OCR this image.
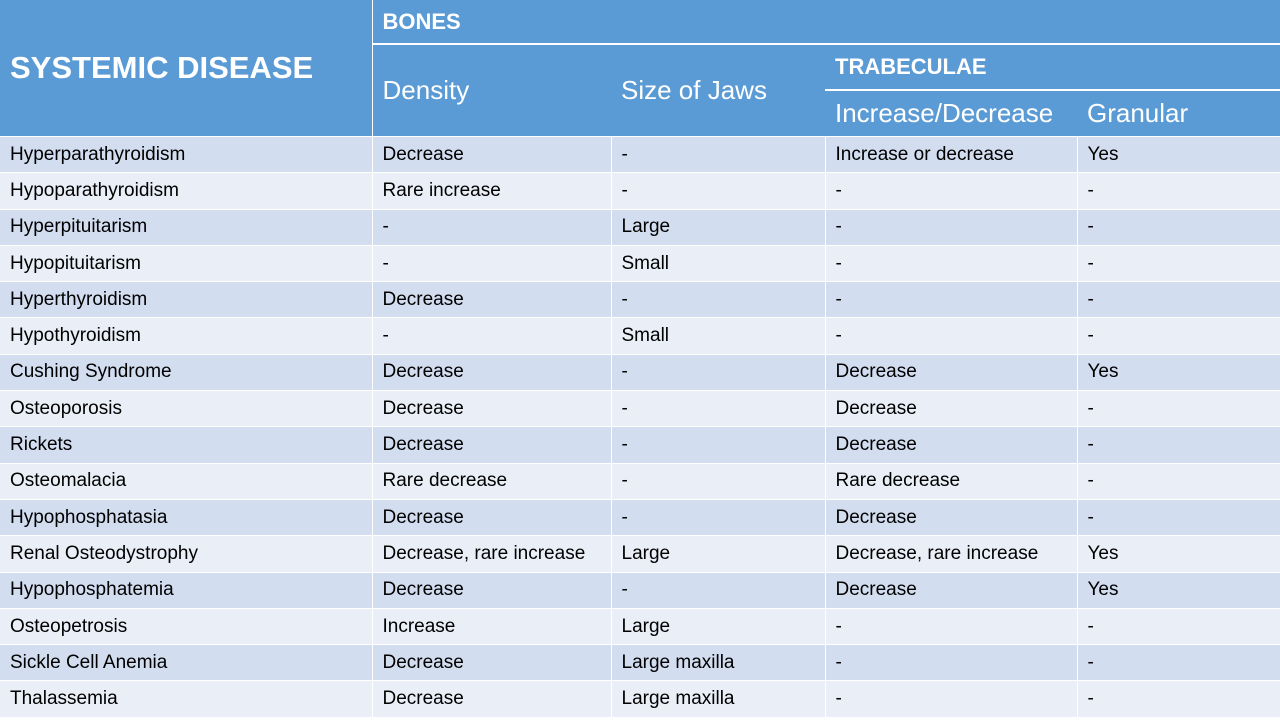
SYSTEMIC DISEASE	BONES			
	Density	Size of Jaws	TRABECULAE	
			Increase/Decrease	Granular
Hyperparathyroidism	Decrease	-	Increase or decrease	Yes
Hypoparathyroidism	Rare increase	-	-	-
Hyperpituitarism	-	Large	-	-
Hypopituitarism	-	Small	-	-
Hyperthyroidism	Decrease	-	-	-
Hypothyroidism	-	Small	-	-
Cushing Syndrome	Decrease	-	Decrease	Yes
Osteoporosis	Decrease	-	Decrease	-
Rickets	Decrease	-	Decrease	-
Osteomalacia	Rare decrease	-	Rare decrease	-
Hypophosphatasia	Decrease	-	Decrease	-
Renal Osteodystrophy	Decrease, rare increase	Large	Decrease, rare increase	Yes
Hypophosphatemia	Decrease	-	Decrease	Yes
Osteopetrosis	Increase	Large	-	-
Sickle Cell Anemia	Decrease	Large maxilla	-	-
Thalassemia	Decrease	Large maxilla	-	-
